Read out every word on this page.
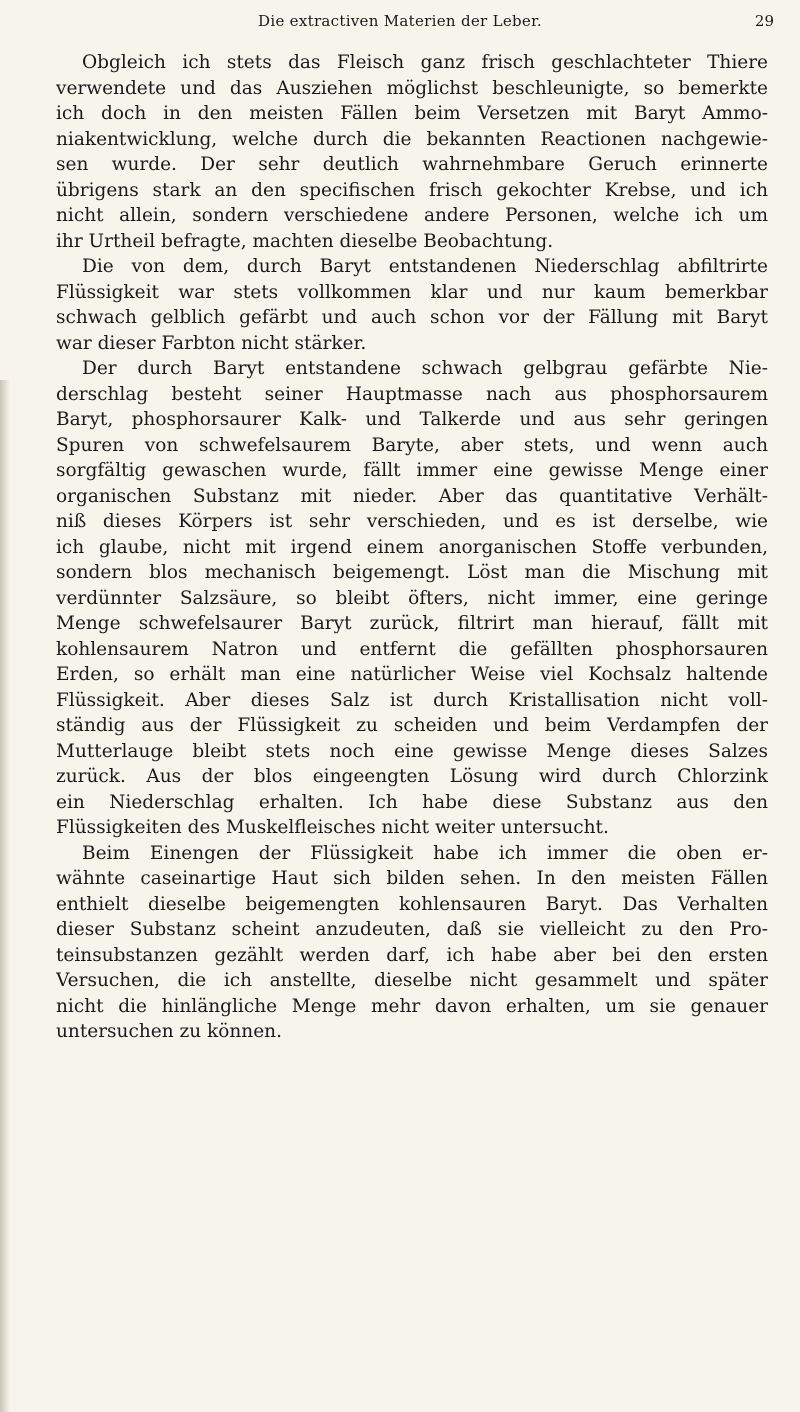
Die extractiven Materien der Leber.	29
Obgleich ich stets das Fleisch ganz frisch geschlachteter Thiere
verwendete und das Ausziehen möglichst beschleunigte, so bemerkte
ich doch in den meisten Fällen beim Versetzen mit Baryt Ammo-
niakentwicklung, welche durch die bekannten Reactionen nachgewie-
sen wurde. Der sehr deutlich wahrnehmbare Geruch erinnerte
übrigens stark an den specifischen frisch gekochter Krebse, und ich
nicht allein, sondern verschiedene andere Personen, welche ich um
ihr Urtheil befragte, machten dieselbe Beobachtung.
Die von dem, durch Baryt entstandenen Niederschlag abfiltrirte
Flüssigkeit war stets vollkommen klar und nur kaum bemerkbar
schwach gelblich gefärbt und auch schon vor der Fällung mit Baryt
war dieser Farbton nicht stärker.
Der durch Baryt entstandene schwach gelbgrau gefärbte Nie-
derschlag besteht seiner Hauptmasse nach aus phosphorsaurem
Baryt, phosphorsaurer Kalk- und Talkerde und aus sehr geringen
Spuren von schwefelsaurem Baryte, aber stets, und wenn auch
sorgfältig gewaschen wurde, fällt immer eine gewisse Menge einer
organischen Substanz mit nieder. Aber das quantitative Verhält-
niß dieses Körpers ist sehr verschieden, und es ist derselbe, wie
ich glaube, nicht mit irgend einem anorganischen Stoffe verbunden,
sondern blos mechanisch beigemengt. Löst man die Mischung mit
verdünnter Salzsäure, so bleibt öfters, nicht immer, eine geringe
Menge schwefelsaurer Baryt zurück, filtrirt man hierauf, fällt mit
kohlensaurem Natron und entfernt die gefällten phosphorsauren
Erden, so erhält man eine natürlicher Weise viel Kochsalz haltende
Flüssigkeit. Aber dieses Salz ist durch Kristallisation nicht voll-
ständig aus der Flüssigkeit zu scheiden und beim Verdampfen der
Mutterlauge bleibt stets noch eine gewisse Menge dieses Salzes
zurück. Aus der blos eingeengten Lösung wird durch Chlorzink
ein Niederschlag erhalten. Ich habe diese Substanz aus den
Flüssigkeiten des Muskelfleisches nicht weiter untersucht.
Beim Einengen der Flüssigkeit habe ich immer die oben er-
wähnte caseinartige Haut sich bilden sehen. In den meisten Fällen
enthielt dieselbe beigemengten kohlensauren Baryt. Das Verhalten
dieser Substanz scheint anzudeuten, daß sie vielleicht zu den Pro-
teinsubstanzen gezählt werden darf, ich habe aber bei den ersten
Versuchen, die ich anstellte, dieselbe nicht gesammelt und später
nicht die hinlängliche Menge mehr davon erhalten, um sie genauer
untersuchen zu können.
